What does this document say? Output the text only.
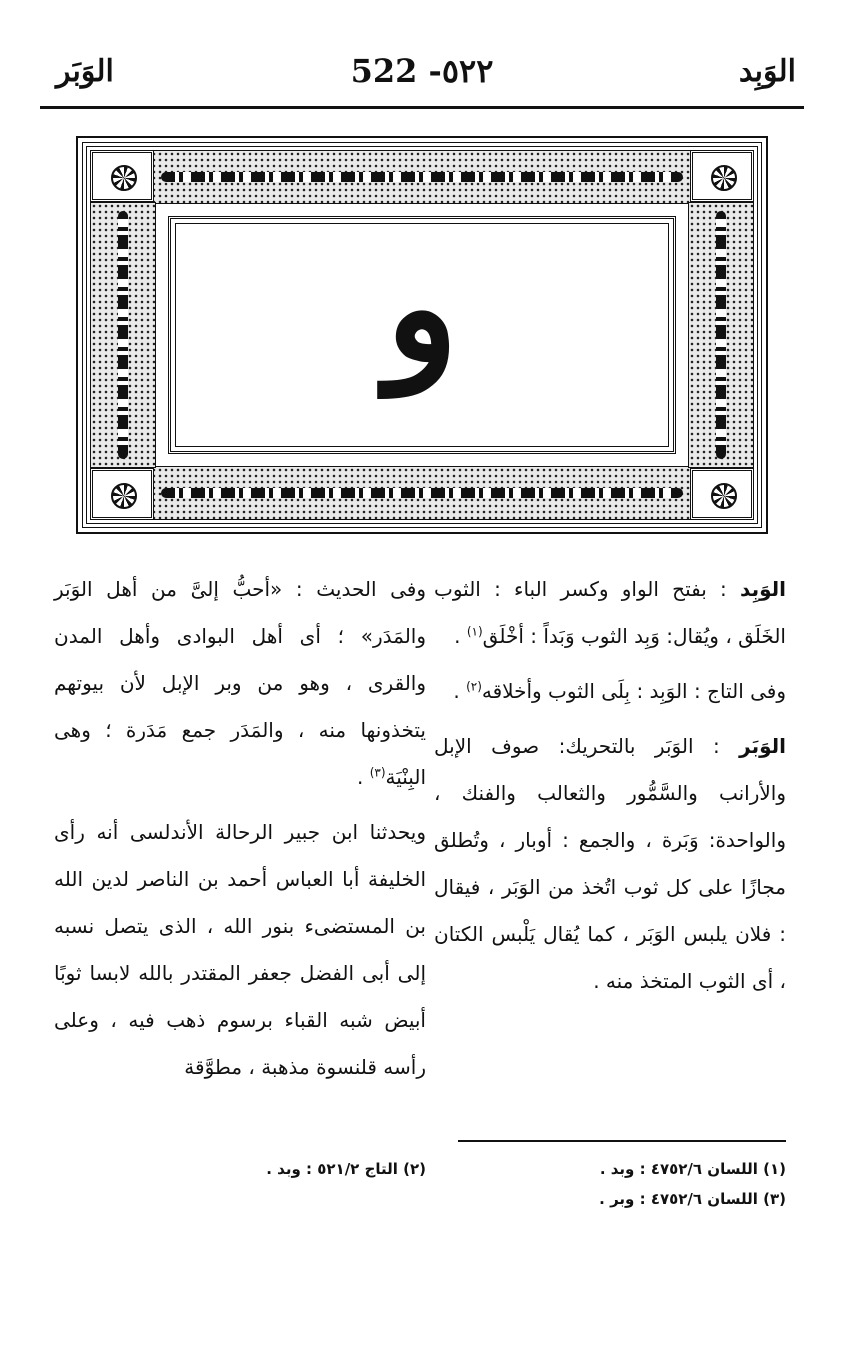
الوَبِد
522 -٥٢٢
الوَبَر
و

الوَبِد : بفتح الواو وكسر الباء : الثوب الخَلَق ، ويُقال: وَبِد الثوب وَبَداً : أخْلَق$^{(١)}$ .

وفى التاج : الوَبِد : بِلَى الثوب وأخلاقه$^{(٢)}$ .

الوَبَر : الوَبَر بالتحريك: صوف الإبل والأرانب والسَّمُّور والثعالب والفنك ، والواحدة: وَبَرة ، والجمع : أوبار ، وتُطلق مجازًا على كل ثوب اتُخذ من الوَبَر ، فيقال : فلان يلبس الوَبَر ، كما يُقال يَلْبس الكتان ، أى الثوب المتخذ منه .

وفى الحديث : «أحبُّ إلىَّ من أهل الوَبَر والمَدَر» ؛ أى أهل البوادى وأهل المدن والقرى ، وهو من وبر الإبل لأن بيوتهم يتخذونها منه ، والمَدَر جمع مَدَرة ؛ وهى البِنْيَة$^{(٣)}$ .

ويحدثنا ابن جبير الرحالة الأندلسى أنه رأى الخليفة أبا العباس أحمد بن الناصر لدين الله بن المستضىء بنور الله ، الذى يتصل نسبه إلى أبى الفضل جعفر المقتدر بالله لابسا ثوبًا أبيض شبه القباء برسوم ذهب فيه ، وعلى رأسه قلنسوة مذهبة ، مطوَّقة

(١) اللسان ٤٧٥٢/٦ : وبد .
(٣) اللسان ٤٧٥٢/٦ : وبر .
(٢) التاج ٥٢١/٢ : وبد .
